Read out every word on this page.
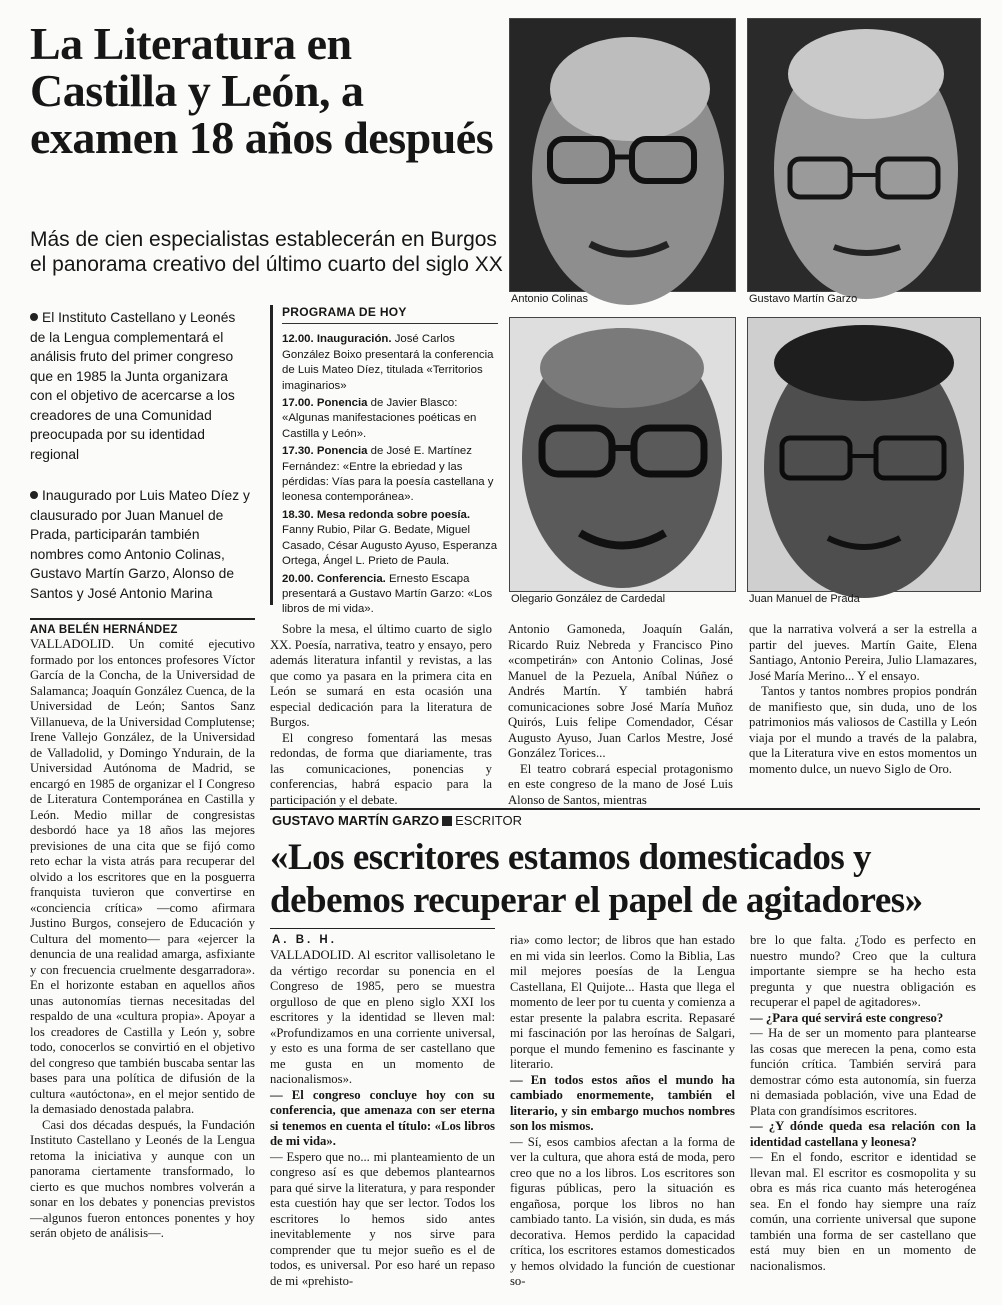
La Literatura en Castilla y León, a examen 18 años después

Más de cien especialistas establecerán en Burgos el panorama creativo del último cuarto del siglo XX

El Instituto Castellano y Leonés de la Lengua complementará el análisis fruto del primer congreso que en 1985 la Junta organizara con el objetivo de acercarse a los creadores de una Comunidad preocupada por su identidad regional

Inaugurado por Luis Mateo Díez y clausurado por Juan Manuel de Prada, participarán también nombres como Antonio Colinas, Gustavo Martín Garzo, Alonso de Santos y José Antonio Marina

PROGRAMA DE HOY

12.00. Inauguración. José Carlos González Boixo presentará la conferencia de Luis Mateo Díez, titulada «Territorios imaginarios»

17.00. Ponencia de Javier Blasco: «Algunas manifestaciones poéticas en Castilla y León».

17.30. Ponencia de José E. Martínez Fernández: «Entre la ebriedad y las pérdidas: Vías para la poesía castellana y leonesa contemporánea».

18.30. Mesa redonda sobre poesía. Fanny Rubio, Pilar G. Bedate, Miguel Casado, César Augusto Ayuso, Esperanza Ortega, Ángel L. Prieto de Paula.

20.00. Conferencia. Ernesto Escapa presentará a Gustavo Martín Garzo: «Los libros de mi vida».

Antonio Colinas	Gustavo Martín Garzo
Olegario González de Cardedal	Juan Manuel de Prada
ANA BELÉN HERNÁNDEZ

VALLADOLID. Un comité ejecutivo formado por los entonces profesores Víctor García de la Concha, de la Universidad de Salamanca; Joaquín González Cuenca, de la Universidad de León; Santos Sanz Villanueva, de la Universidad Complutense; Irene Vallejo González, de la Universidad de Valladolid, y Domingo Yndurain, de la Universidad Autónoma de Madrid, se encargó en 1985 de organizar el I Congreso de Literatura Contemporánea en Castilla y León. Medio millar de congresistas desbordó hace ya 18 años las mejores previsiones de una cita que se fijó como reto echar la vista atrás para recuperar del olvido a los escritores que en la posguerra franquista tuvieron que convertirse en «conciencia crítica» —como afirmara Justino Burgos, consejero de Educación y Cultura del momento— para «ejercer la denuncia de una realidad amarga, asfixiante y con frecuencia cruelmente desgarradora». En el horizonte estaban en aquellos años unas autonomías tiernas necesitadas del respaldo de una «cultura propia». Apoyar a los creadores de Castilla y León y, sobre todo, conocerlos se convirtió en el objetivo del congreso que también buscaba sentar las bases para una política de difusión de la cultura «autóctona», en el mejor sentido de la demasiado denostada palabra.

Casi dos décadas después, la Fundación Instituto Castellano y Leonés de la Lengua retoma la iniciativa y aunque con un panorama ciertamente transformado, lo cierto es que muchos nombres volverán a sonar en los debates y ponencias previstos —algunos fueron entonces ponentes y hoy serán objeto de análisis—.

Sobre la mesa, el último cuarto de siglo XX. Poesía, narrativa, teatro y ensayo, pero además literatura infantil y revistas, a las que como ya pasara en la primera cita en León se sumará en esta ocasión una especial dedicación para la literatura de Burgos.

El congreso fomentará las mesas redondas, de forma que diariamente, tras las comunicaciones, ponencias y conferencias, habrá espacio para la participación y el debate.

Antonio Gamoneda, Joaquín Galán, Ricardo Ruiz Nebreda y Francisco Pino «competirán» con Antonio Colinas, José Manuel de la Pezuela, Aníbal Núñez o Andrés Martín. Y también habrá comunicaciones sobre José María Muñoz Quirós, Luis felipe Comendador, César Augusto Ayuso, Juan Carlos Mestre, José González Torices...

El teatro cobrará especial protagonismo en este congreso de la mano de José Luis Alonso de Santos, mientras

que la narrativa volverá a ser la estrella a partir del jueves. Martín Gaite, Elena Santiago, Antonio Pereira, Julio Llamazares, José María Merino... Y el ensayo.

Tantos y tantos nombres propios pondrán de manifiesto que, sin duda, uno de los patrimonios más valiosos de Castilla y León viaja por el mundo a través de la palabra, que la Literatura vive en estos momentos un momento dulce, un nuevo Siglo de Oro.

GUSTAVO MARTÍN GARZO ESCRITOR
«Los escritores estamos domesticados y debemos recuperar el papel de agitadores»
A. B. H.

VALLADOLID. Al escritor vallisoletano le da vértigo recordar su ponencia en el Congreso de 1985, pero se muestra orgulloso de que en pleno siglo XXI los escritores y la identidad se lleven mal: «Profundizamos en una corriente universal, y esto es una forma de ser castellano que me gusta en un momento de nacionalismos».

— El congreso concluye hoy con su conferencia, que amenaza con ser eterna si tenemos en cuenta el título: «Los libros de mi vida».

— Espero que no... mi planteamiento de un congreso así es que debemos plantearnos para qué sirve la literatura, y para responder esta cuestión hay que ser lector. Todos los escritores lo hemos sido antes inevitablemente y nos sirve para comprender que tu mejor sueño es el de todos, es universal. Por eso haré un repaso de mi «prehisto-

ria» como lector; de libros que han estado en mi vida sin leerlos. Como la Biblia, Las mil mejores poesías de la Lengua Castellana, El Quijote... Hasta que llega el momento de leer por tu cuenta y comienza a estar presente la palabra escrita. Repasaré mi fascinación por las heroínas de Salgari, porque el mundo femenino es fascinante y literario.

— En todos estos años el mundo ha cambiado enormemente, también el literario, y sin embargo muchos nombres son los mismos.

— Sí, esos cambios afectan a la forma de ver la cultura, que ahora está de moda, pero creo que no a los libros. Los escritores son figuras públicas, pero la situación es engañosa, porque los libros no han cambiado tanto. La visión, sin duda, es más decorativa. Hemos perdido la capacidad crítica, los escritores estamos domesticados y hemos olvidado la función de cuestionar so-

bre lo que falta. ¿Todo es perfecto en nuestro mundo? Creo que la cultura importante siempre se ha hecho esta pregunta y que nuestra obligación es recuperar el papel de agitadores».

— ¿Para qué servirá este congreso?

— Ha de ser un momento para plantearse las cosas que merecen la pena, como esta función crítica. También servirá para demostrar cómo esta autonomía, sin fuerza ni demasiada población, vive una Edad de Plata con grandísimos escritores.

— ¿Y dónde queda esa relación con la identidad castellana y leonesa?

— En el fondo, escritor e identidad se llevan mal. El escritor es cosmopolita y su obra es más rica cuanto más heterogénea sea. En el fondo hay siempre una raíz común, una corriente universal que supone también una forma de ser castellano que está muy bien en un momento de nacionalismos.
